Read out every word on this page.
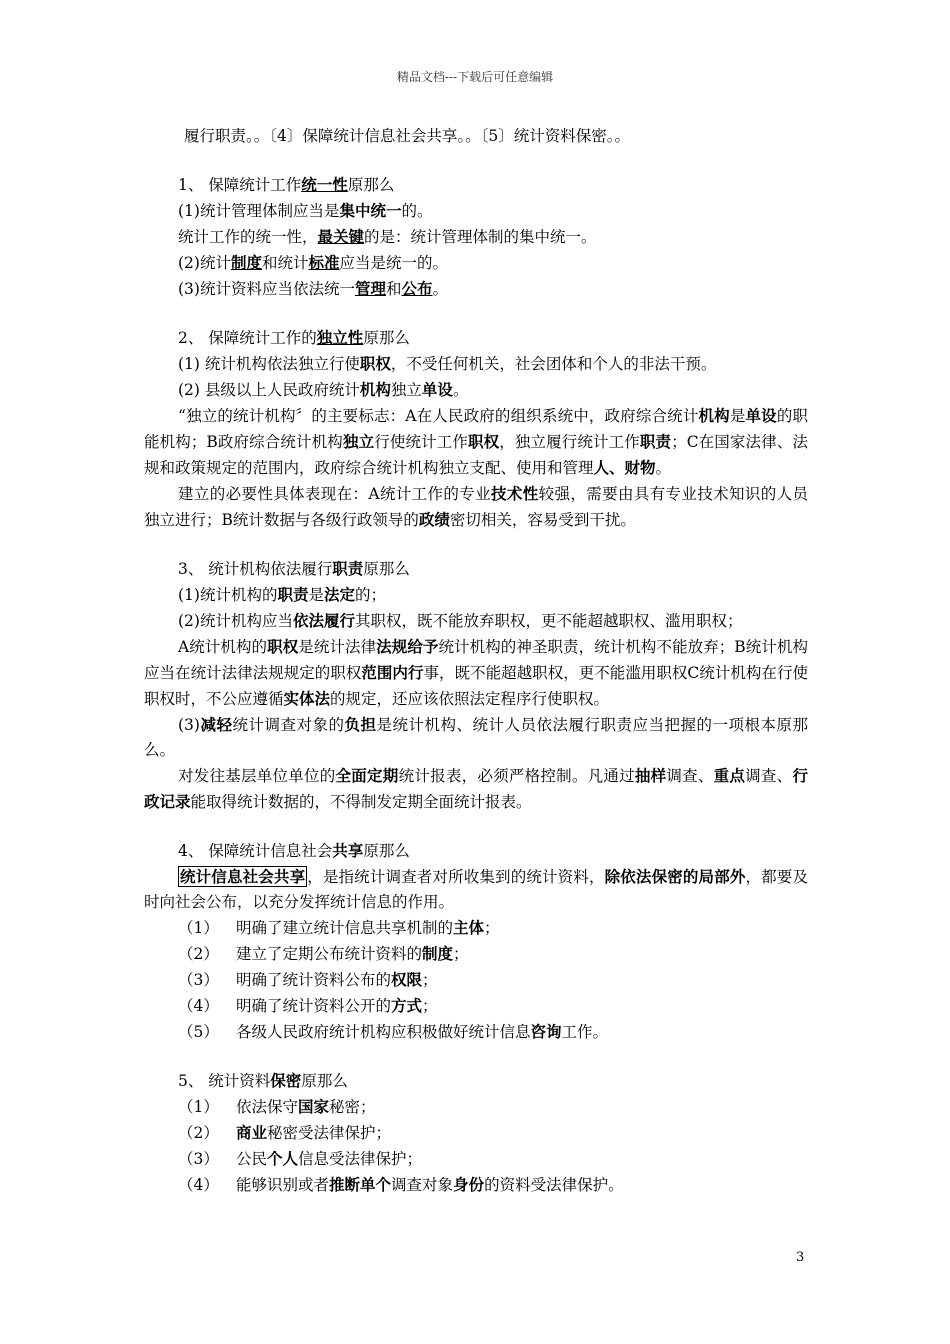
精品文档---下载后可任意编辑
履行职责。。〔4〕保障统计信息社会共享。。〔5〕统计资料保密。。
1、 保障统计工作统一性原那么
(1)统计管理体制应当是集中统一的。
统计工作的统一性，最关键的是：统计管理体制的集中统一。
(2)统计制度和统计标准应当是统一的。
(3)统计资料应当依法统一管理和公布。
2、 保障统计工作的独立性原那么
(1) 统计机构依法独立行使职权，不受任何机关，社会团体和个人的非法干预。
(2) 县级以上人民政府统计机构独立单设。
“独立的统计机构〞的主要标志：A在人民政府的组织系统中，政府综合统计机构是单设的职能机构；B政府综合统计机构独立行使统计工作职权，独立履行统计工作职责；C在国家法律、法规和政策规定的范围内，政府综合统计机构独立支配、使用和管理人、财物。
建立的必要性具体表现在：A统计工作的专业技术性较强，需要由具有专业技术知识的人员独立进行；B统计数据与各级行政领导的政绩密切相关，容易受到干扰。
3、 统计机构依法履行职责原那么
(1)统计机构的职责是法定的；
(2)统计机构应当依法履行其职权，既不能放弃职权，更不能超越职权、滥用职权；
A统计机构的职权是统计法律法规给予统计机构的神圣职责，统计机构不能放弃；B统计机构应当在统计法律法规规定的职权范围内行事，既不能超越职权，更不能滥用职权C统计机构在行使职权时，不公应遵循实体法的规定，还应该依照法定程序行使职权。
(3)减轻统计调查对象的负担是统计机构、统计人员依法履行职责应当把握的一项根本原那么。
对发往基层单位单位的全面定期统计报表，必须严格控制。凡通过抽样调查、重点调查、行政记录能取得统计数据的，不得制发定期全面统计报表。
4、 保障统计信息社会共享原那么
统计信息社会共享 ，是指统计调查者对所收集到的统计资料，除依法保密的局部外，都要及时向社会公布，以充分发挥统计信息的作用。
（1） 明确了建立统计信息共享机制的主体；
（2） 建立了定期公布统计资料的制度；
（3） 明确了统计资料公布的权限；
（4） 明确了统计资料公开的方式；
（5） 各级人民政府统计机构应积极做好统计信息咨询工作。
5、 统计资料保密原那么
（1） 依法保守国家秘密；
（2） 商业秘密受法律保护；
（3） 公民个人信息受法律保护；
（4） 能够识别或者推断单个调查对象身份的资料受法律保护。
3
